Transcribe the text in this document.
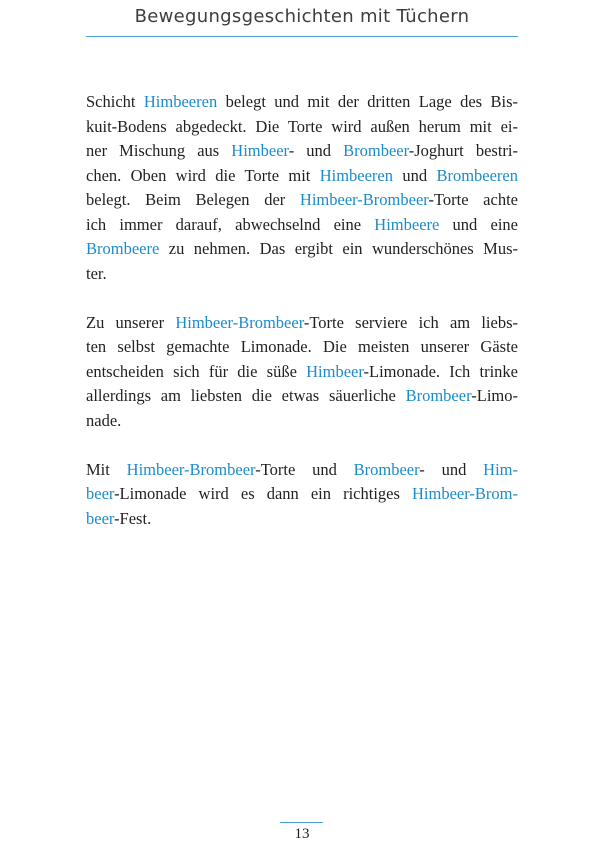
Bewegungsgeschichten mit Tüchern
Schicht Himbeeren belegt und mit der dritten Lage des Bis-
kuit-Bodens abgedeckt. Die Torte wird außen herum mit ei-
ner Mischung aus Himbeer- und Brombeer-Joghurt bestri-
chen. Oben wird die Torte mit Himbeeren und Brombeeren
belegt. Beim Belegen der Himbeer-Brombeer-Torte achte
ich immer darauf, abwechselnd eine Himbeere und eine
Brombeere zu nehmen. Das ergibt ein wunderschönes Mus-
ter.
Zu unserer Himbeer-Brombeer-Torte serviere ich am liebs-
ten selbst gemachte Limonade. Die meisten unserer Gäste
entscheiden sich für die süße Himbeer-Limonade. Ich trinke
allerdings am liebsten die etwas säuerliche Brombeer-Limo-
nade.
Mit Himbeer-Brombeer-Torte und Brombeer- und Him-
beer-Limonade wird es dann ein richtiges Himbeer-Brom-
beer-Fest.
13
